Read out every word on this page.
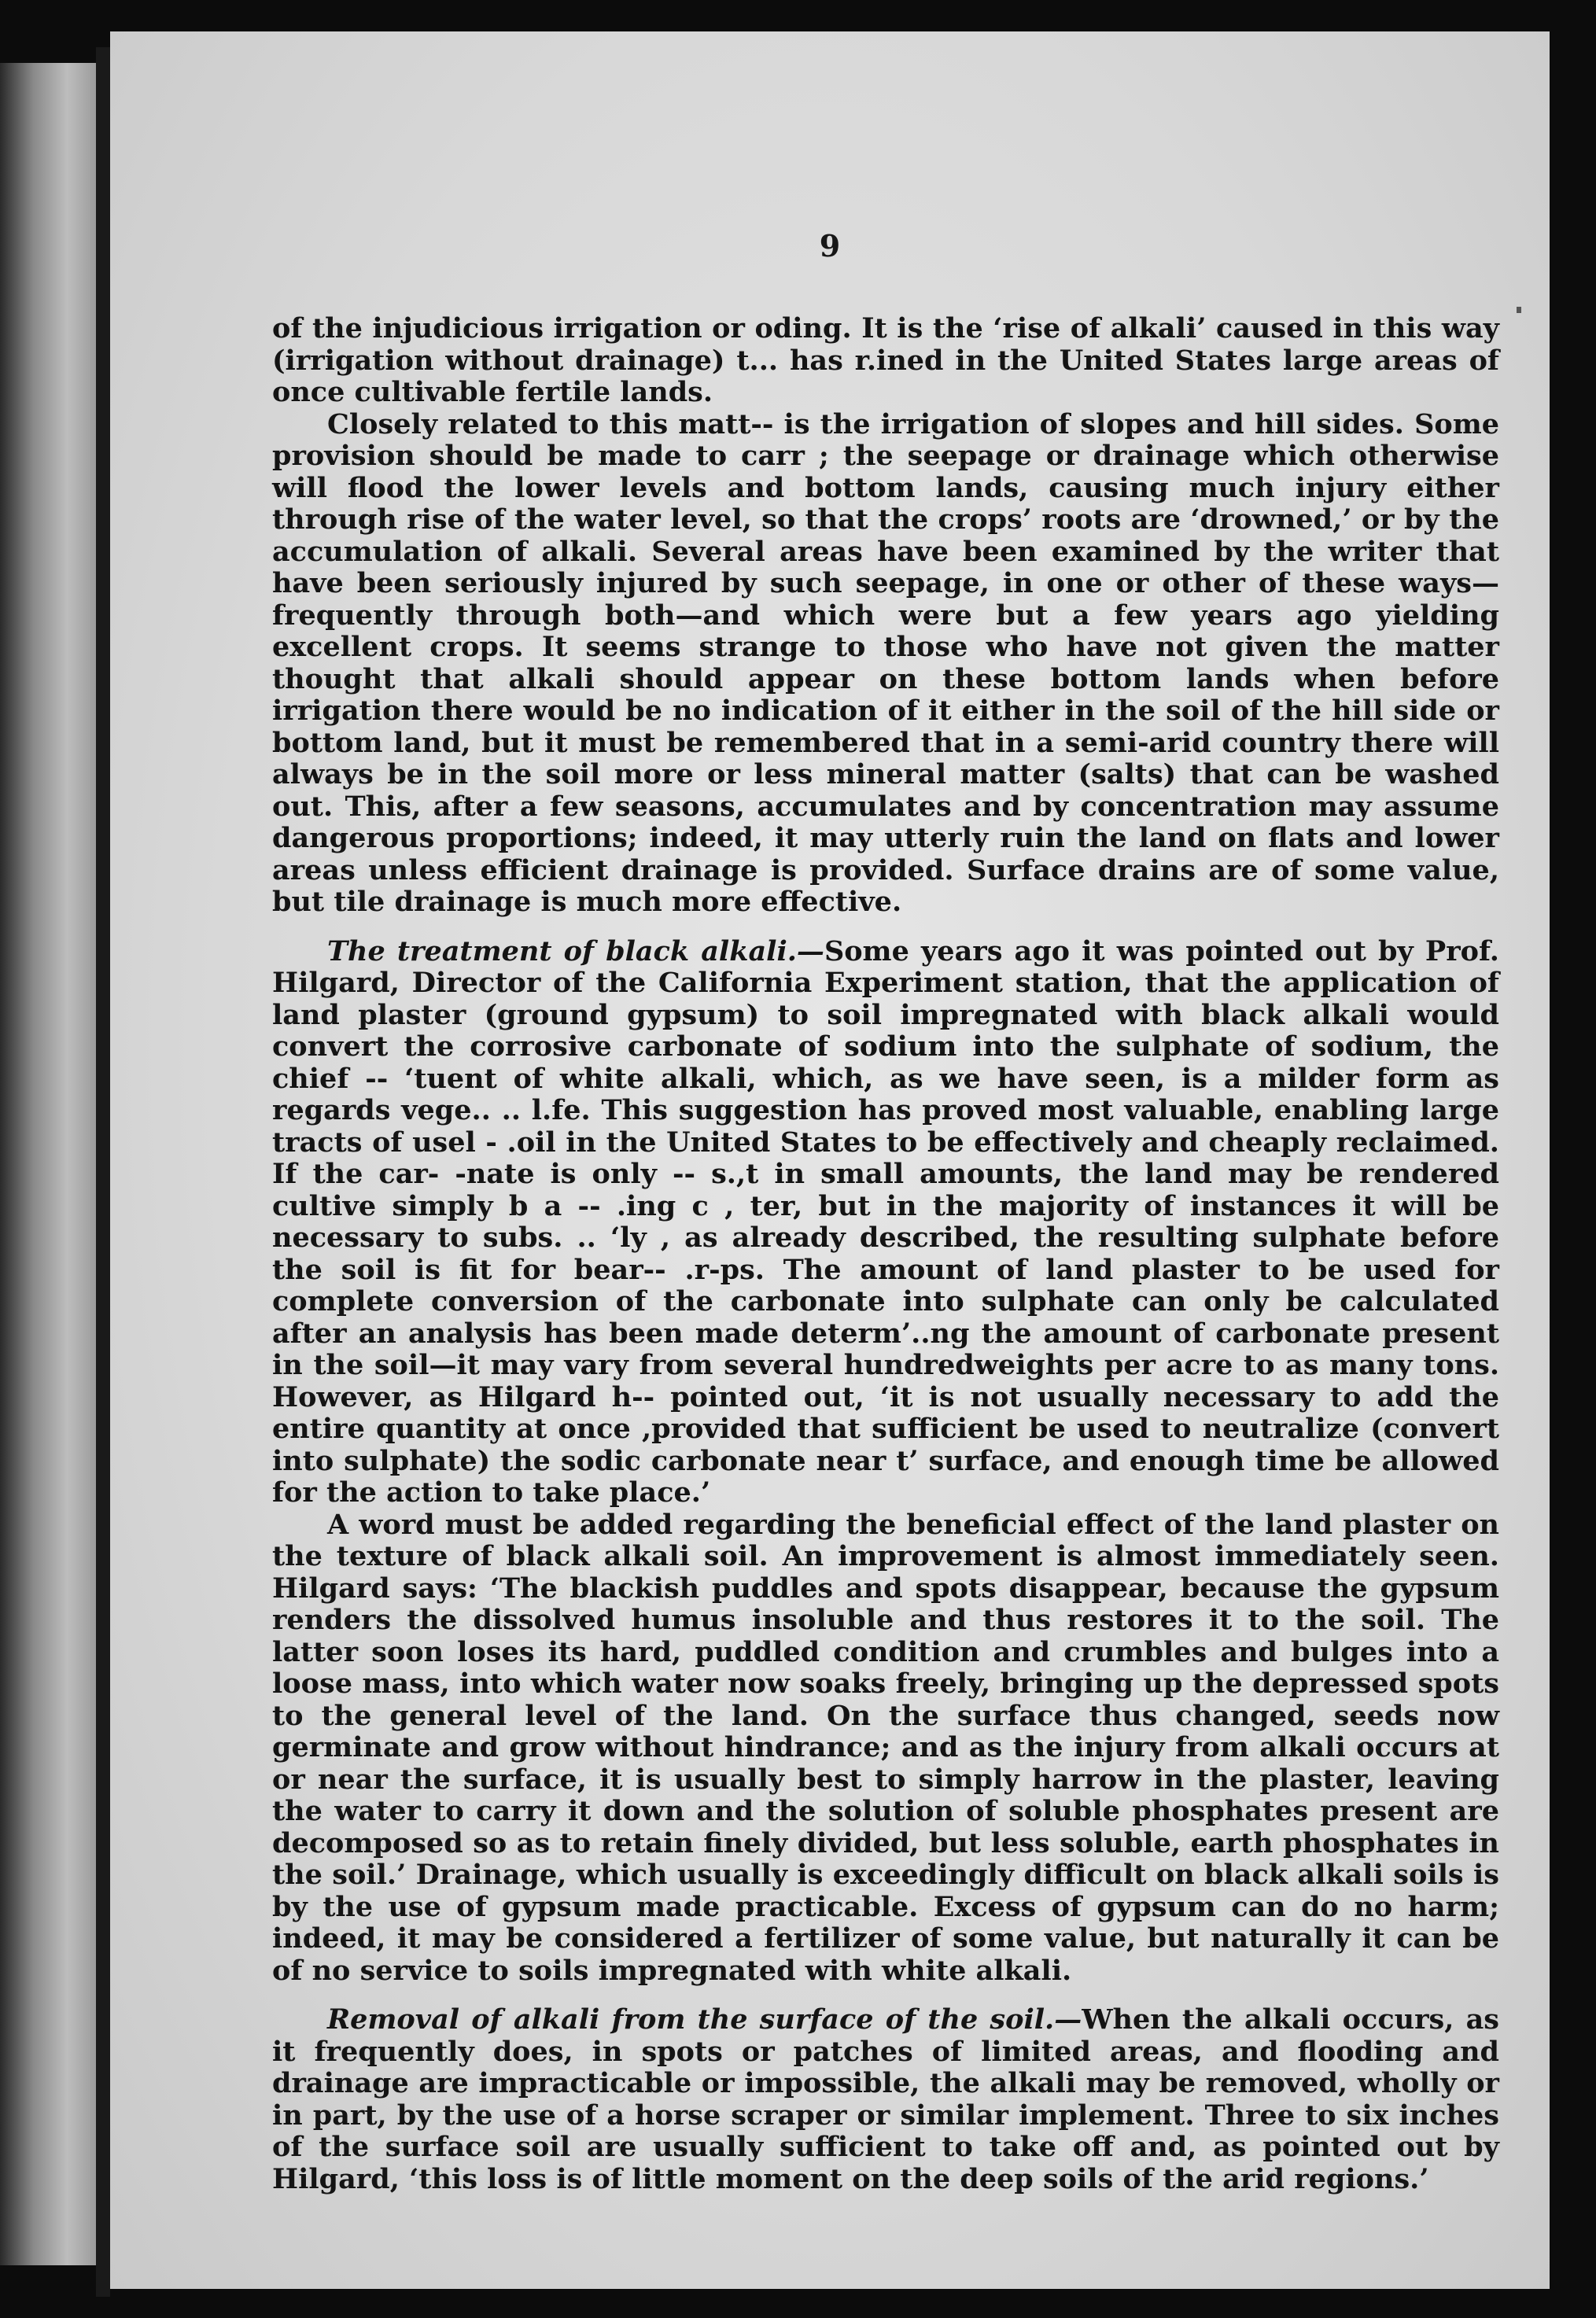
9

of the injudicious irrigation or oding. It is the ‘rise of alkali’ caused in this way (irrigation without drainage) t... has r.ined in the United States large areas of once cultivable fertile lands.

Closely related to this matt-- is the irrigation of slopes and hill sides. Some provision should be made to carr ; the seepage or drainage which otherwise will flood the lower levels and bottom lands, causing much injury either through rise of the water level, so that the crops’ roots are ‘drowned,’ or by the accumulation of alkali. Several areas have been examined by the writer that have been seriously injured by such seepage, in one or other of these ways—frequently through both—and which were but a few years ago yielding excellent crops. It seems strange to those who have not given the matter thought that alkali should appear on these bottom lands when before irrigation there would be no indication of it either in the soil of the hill side or bottom land, but it must be remembered that in a semi-arid country there will always be in the soil more or less mineral matter (salts) that can be washed out. This, after a few seasons, accumulates and by concentration may assume dangerous proportions; indeed, it may utterly ruin the land on flats and lower areas unless efficient drainage is provided. Surface drains are of some value, but tile drainage is much more effective.

The treatment of black alkali.—Some years ago it was pointed out by Prof. Hilgard, Director of the California Experiment station, that the application of land plaster (ground gypsum) to soil impregnated with black alkali would convert the corrosive carbonate of sodium into the sulphate of sodium, the chief -- ‘tuent of white alkali, which, as we have seen, is a milder form as regards vege.. .. l.fe. This suggestion has proved most valuable, enabling large tracts of usel - .oil in the United States to be effectively and cheaply reclaimed. If the car- -nate is only -- s.,t in small amounts, the land may be rendered cultive simply b a -- .ing c , ter, but in the majority of instances it will be necessary to subs. .. ‘ly , as already described, the resulting sulphate before the soil is fit for bear-- .r-ps. The amount of land plaster to be used for complete conversion of the carbonate into sulphate can only be calculated after an analysis has been made determ’..ng the amount of carbonate present in the soil—it may vary from several hundredweights per acre to as many tons. However, as Hilgard h-- pointed out, ‘it is not usually necessary to add the entire quantity at once ,provided that sufficient be used to neutralize (convert into sulphate) the sodic carbonate near t’ surface, and enough time be allowed for the action to take place.’

A word must be added regarding the beneficial effect of the land plaster on the texture of black alkali soil. An improvement is almost immediately seen. Hilgard says: ‘The blackish puddles and spots disappear, because the gypsum renders the dissolved humus insoluble and thus restores it to the soil. The latter soon loses its hard, puddled condition and crumbles and bulges into a loose mass, into which water now soaks freely, bringing up the depressed spots to the general level of the land. On the surface thus changed, seeds now germinate and grow without hindrance; and as the injury from alkali occurs at or near the surface, it is usually best to simply harrow in the plaster, leaving the water to carry it down and the solution of soluble phosphates present are decomposed so as to retain finely divided, but less soluble, earth phosphates in the soil.’ Drainage, which usually is exceedingly difficult on black alkali soils is by the use of gypsum made practicable. Excess of gypsum can do no harm; indeed, it may be considered a fertilizer of some value, but naturally it can be of no service to soils impregnated with white alkali.

Removal of alkali from the surface of the soil.—When the alkali occurs, as it frequently does, in spots or patches of limited areas, and flooding and drainage are impracticable or impossible, the alkali may be removed, wholly or in part, by the use of a horse scraper or similar implement. Three to six inches of the surface soil are usually sufficient to take off and, as pointed out by Hilgard, ‘this loss is of little moment on the deep soils of the arid regions.’
